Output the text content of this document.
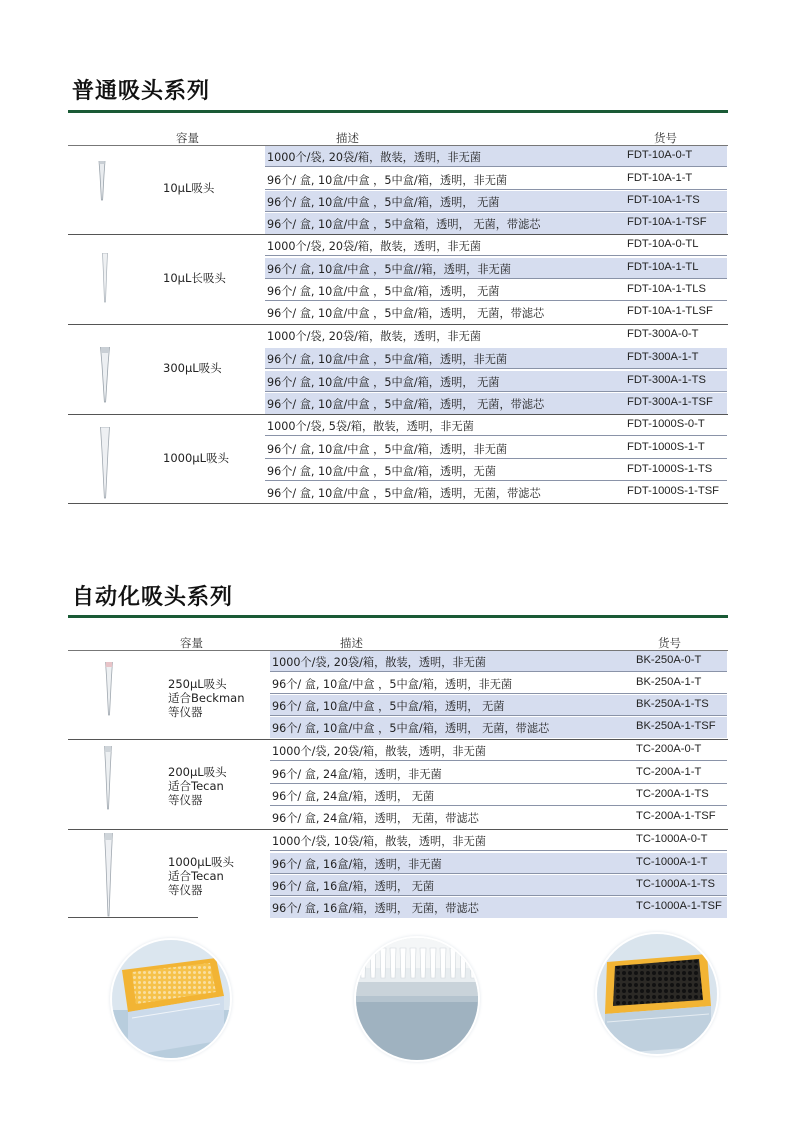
普通吸头系列
容量	描述	货号
10μL吸头
1000个/袋, 20袋/箱，散装，透明，非无菌	FDT-10A-0-T
96个/ 盒, 10盒/中盒 ，5中盒/箱，透明，非无菌	FDT-10A-1-T
96个/ 盒, 10盒/中盒 ，5中盒/箱，透明， 无菌	FDT-10A-1-TS
96个/ 盒, 10盒/中盒 ，5中盒箱，透明， 无菌，带滤芯	FDT-10A-1-TSF
10μL长吸头
1000个/袋, 20袋/箱，散装，透明，非无菌	FDT-10A-0-TL
96个/ 盒, 10盒/中盒 ，5中盒//箱，透明，非无菌	FDT-10A-1-TL
96个/ 盒, 10盒/中盒 ，5中盒/箱，透明， 无菌	FDT-10A-1-TLS
96个/ 盒, 10盒/中盒 ，5中盒/箱，透明， 无菌，带滤芯	FDT-10A-1-TLSF
300μL吸头
1000个/袋, 20袋/箱，散装，透明，非无菌	FDT-300A-0-T
96个/ 盒, 10盒/中盒 ，5中盒/箱，透明，非无菌	FDT-300A-1-T
96个/ 盒, 10盒/中盒 ，5中盒/箱，透明， 无菌	FDT-300A-1-TS
96个/ 盒, 10盒/中盒 ，5中盒/箱，透明， 无菌，带滤芯	FDT-300A-1-TSF
1000μL吸头
1000个/袋, 5袋/箱，散装，透明，非无菌	FDT-1000S-0-T
96个/ 盒, 10盒/中盒 ，5中盒/箱，透明，非无菌	FDT-1000S-1-T
96个/ 盒, 10盒/中盒 ，5中盒/箱，透明，无菌	FDT-1000S-1-TS
96个/ 盒, 10盒/中盒 ，5中盒/箱，透明，无菌，带滤芯	FDT-1000S-1-TSF
自动化吸头系列
容量	描述	货号
250μL吸头
适合Beckman
等仪器
1000个/袋, 20袋/箱，散装，透明，非无菌	BK-250A-0-T
96个/ 盒, 10盒/中盒 ，5中盒/箱，透明，非无菌	BK-250A-1-T
96个/ 盒, 10盒/中盒 ，5中盒/箱，透明， 无菌	BK-250A-1-TS
96个/ 盒, 10盒/中盒 ，5中盒/箱，透明， 无菌，带滤芯	BK-250A-1-TSF
200μL吸头
适合Tecan
等仪器
1000个/袋, 20袋/箱，散装，透明，非无菌	TC-200A-0-T
96个/ 盒, 24盒/箱，透明，非无菌	TC-200A-1-T
96个/ 盒, 24盒/箱，透明， 无菌	TC-200A-1-TS
96个/ 盒, 24盒/箱，透明， 无菌，带滤芯	TC-200A-1-TSF
1000μL吸头
适合Tecan
等仪器
1000个/袋, 10袋/箱，散装，透明，非无菌	TC-1000A-0-T
96个/ 盒, 16盒/箱，透明，非无菌	TC-1000A-1-T
96个/ 盒, 16盒/箱，透明， 无菌	TC-1000A-1-TS
96个/ 盒, 16盒/箱，透明， 无菌，带滤芯	TC-1000A-1-TSF
